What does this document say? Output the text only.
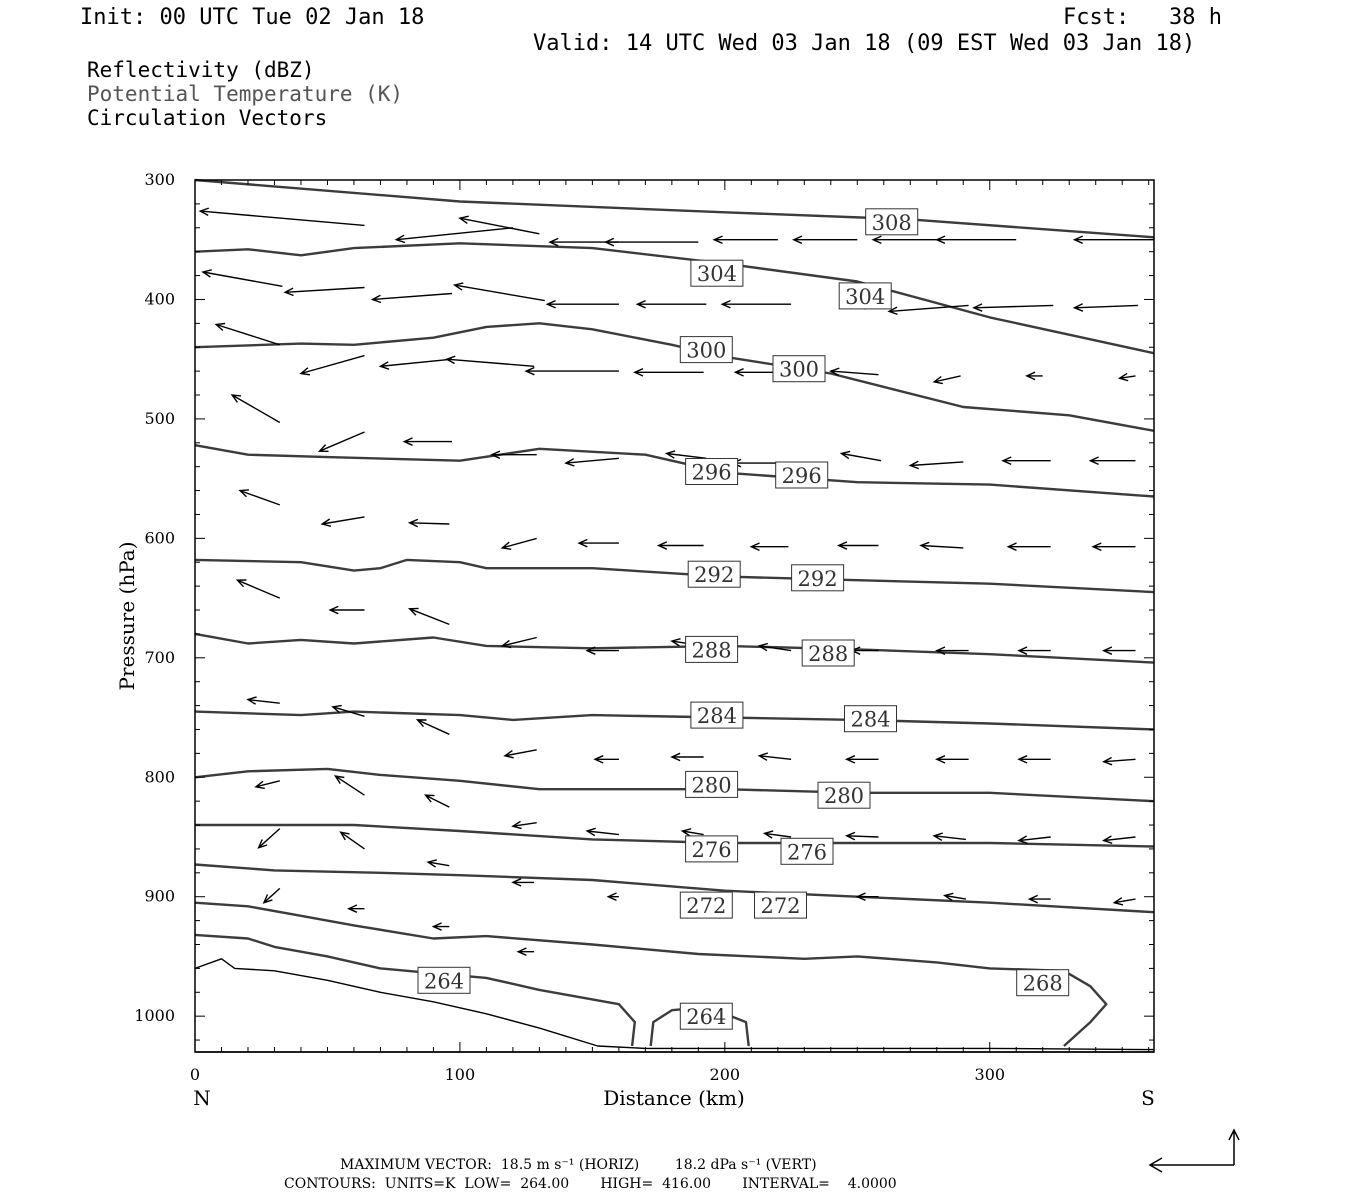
Init: 00 UTC Tue 02 Jan 18	Fcst:   38 h
Valid: 14 UTC Wed 03 Jan 18 (09 EST Wed 03 Jan 18)
Reflectivity (dBZ)
Potential Temperature (K)
Circulation Vectors
308
304
304
300
300
296 296
292	292
288	288
284	284
280	280
276	276
272 272
268
264
264
300
400
500
600
700
800
900
1000
0	100	200	300
Distance (km)
Pressure (hPa)
N	S
MAXIMUM VECTOR:  18.5 m s⁻¹ (HORIZ)        18.2 dPa s⁻¹ (VERT)
CONTOURS:  UNITS=K  LOW=  264.00       HIGH=  416.00       INTERVAL=    4.0000
